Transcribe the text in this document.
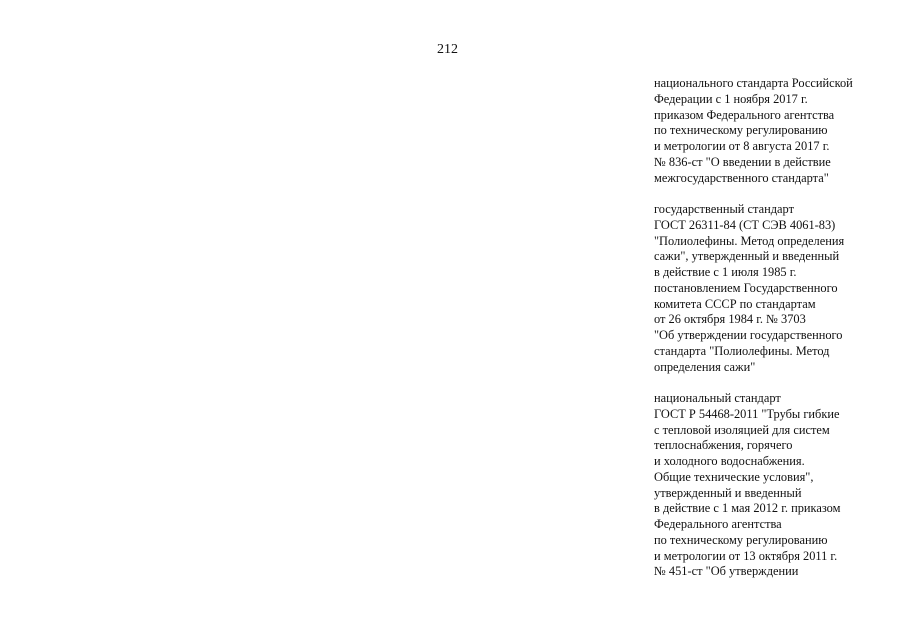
212
национального стандарта Российской
Федерации с 1 ноября 2017 г.
приказом Федерального агентства
по техническому регулированию
и метрологии от 8 августа 2017 г.
№ 836-ст "О введении в действие
межгосударственного стандарта"
государственный стандарт
ГОСТ 26311-84 (СТ СЭВ 4061-83)
"Полиолефины. Метод определения
сажи", утвержденный и введенный
в действие с 1 июля 1985 г.
постановлением Государственного
комитета СССР по стандартам
от 26 октября 1984 г. № 3703
"Об утверждении государственного
стандарта "Полиолефины. Метод
определения сажи"
национальный стандарт
ГОСТ Р 54468-2011 "Трубы гибкие
с тепловой изоляцией для систем
теплоснабжения, горячего
и холодного водоснабжения.
Общие технические условия",
утвержденный и введенный
в действие с 1 мая 2012 г. приказом
Федерального агентства
по техническому регулированию
и метрологии от 13 октября 2011 г.
№ 451-ст "Об утверждении
